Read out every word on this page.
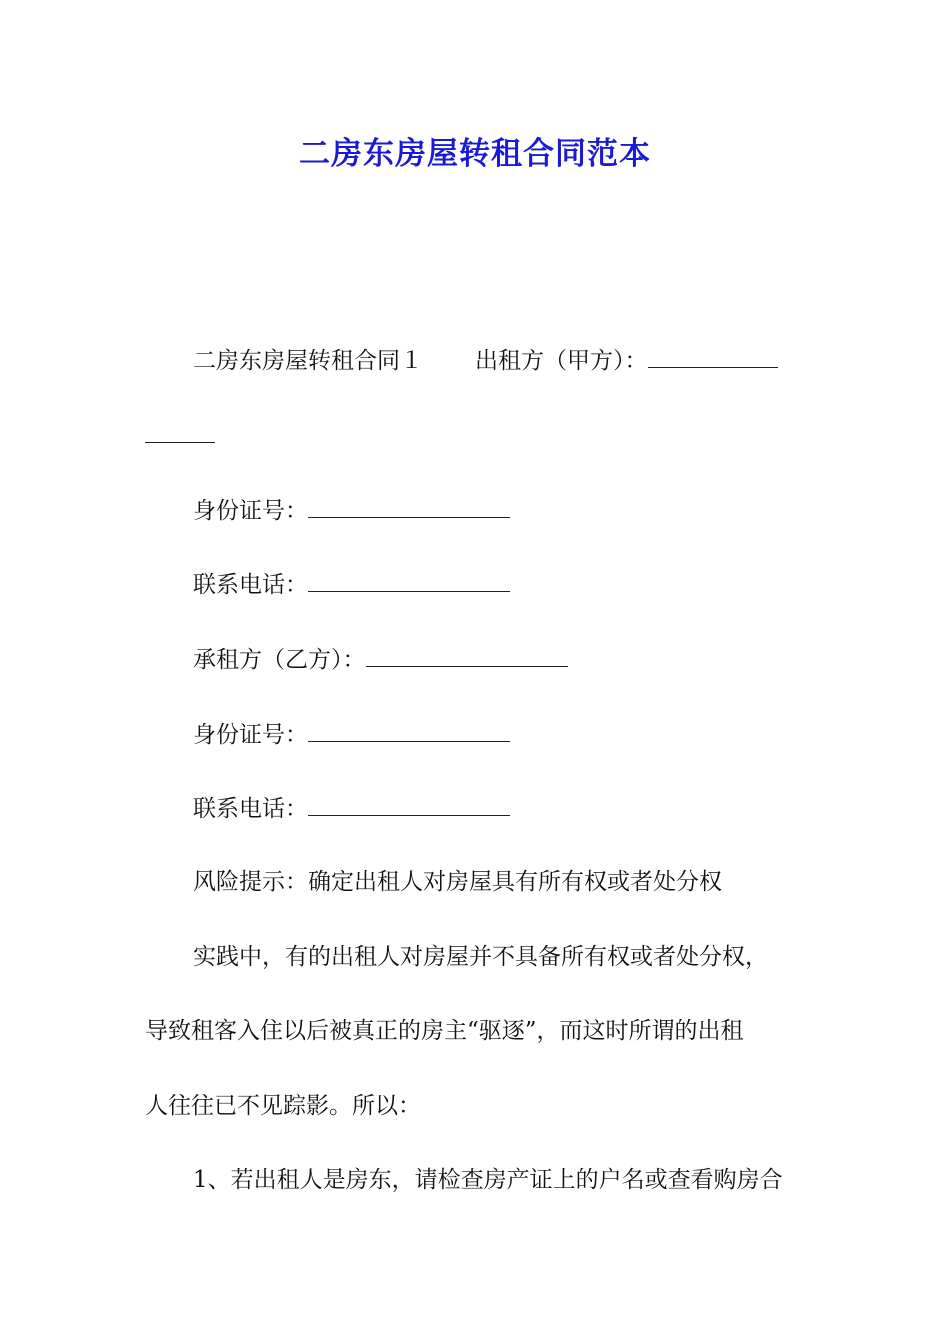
二房东房屋转租合同范本
二房东房屋转租合同１ 出租方（甲方）：
身份证号：
联系电话：
承租方（乙方）：
身份证号：
联系电话：
风险提示：确定出租人对房屋具有所有权或者处分权
实践中，有的出租人对房屋并不具备所有权或者处分权，
导致租客入住以后被真正的房主“驱逐”，而这时所谓的出租
人往往已不见踪影。所以：
1、若出租人是房东，请检查房产证上的户名或查看购房合
